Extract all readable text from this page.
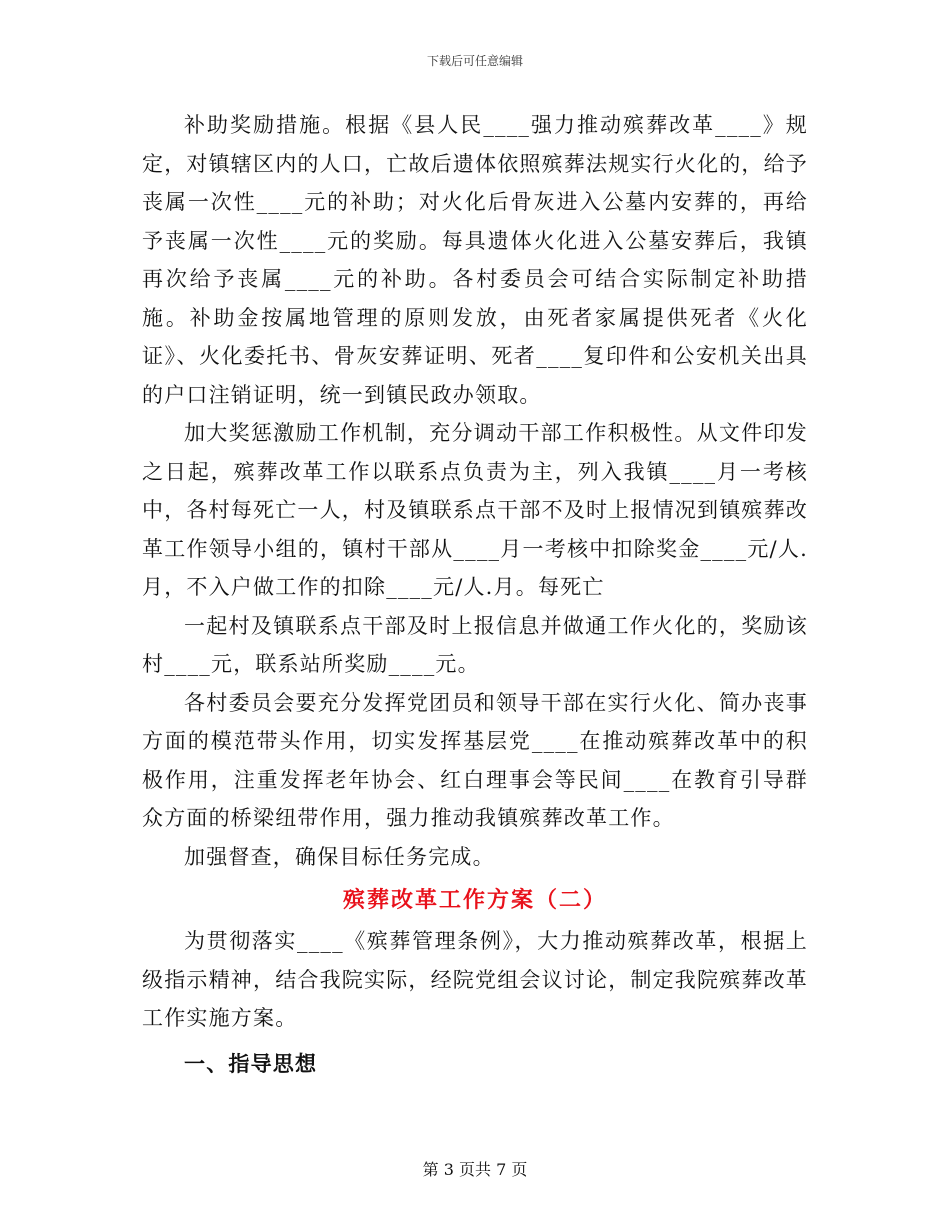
下载后可任意编辑

补助奖励措施。根据《县人民____强力推动殡葬改革____》规定，对镇辖区内的人口，亡故后遗体依照殡葬法规实行火化的，给予丧属一次性____元的补助；对火化后骨灰进入公墓内安葬的，再给予丧属一次性____元的奖励。每具遗体火化进入公墓安葬后，我镇再次给予丧属____元的补助。各村委员会可结合实际制定补助措施。补助金按属地管理的原则发放，由死者家属提供死者《火化证》、火化委托书、骨灰安葬证明、死者____复印件和公安机关出具的户口注销证明，统一到镇民政办领取。

加大奖惩激励工作机制，充分调动干部工作积极性。从文件印发之日起，殡葬改革工作以联系点负责为主，列入我镇____月一考核中，各村每死亡一人，村及镇联系点干部不及时上报情况到镇殡葬改革工作领导小组的，镇村干部从____月一考核中扣除奖金____元/人.月，不入户做工作的扣除____元/人.月。每死亡

一起村及镇联系点干部及时上报信息并做通工作火化的，奖励该村____元，联系站所奖励____元。

各村委员会要充分发挥党团员和领导干部在实行火化、简办丧事方面的模范带头作用，切实发挥基层党____在推动殡葬改革中的积极作用，注重发挥老年协会、红白理事会等民间____在教育引导群众方面的桥梁纽带作用，强力推动我镇殡葬改革工作。

加强督查，确保目标任务完成。

殡葬改革工作方案（二）

为贯彻落实____《殡葬管理条例》，大力推动殡葬改革，根据上级指示精神，结合我院实际，经院党组会议讨论，制定我院殡葬改革工作实施方案。

一、指导思想
第 3 页共 7 页
